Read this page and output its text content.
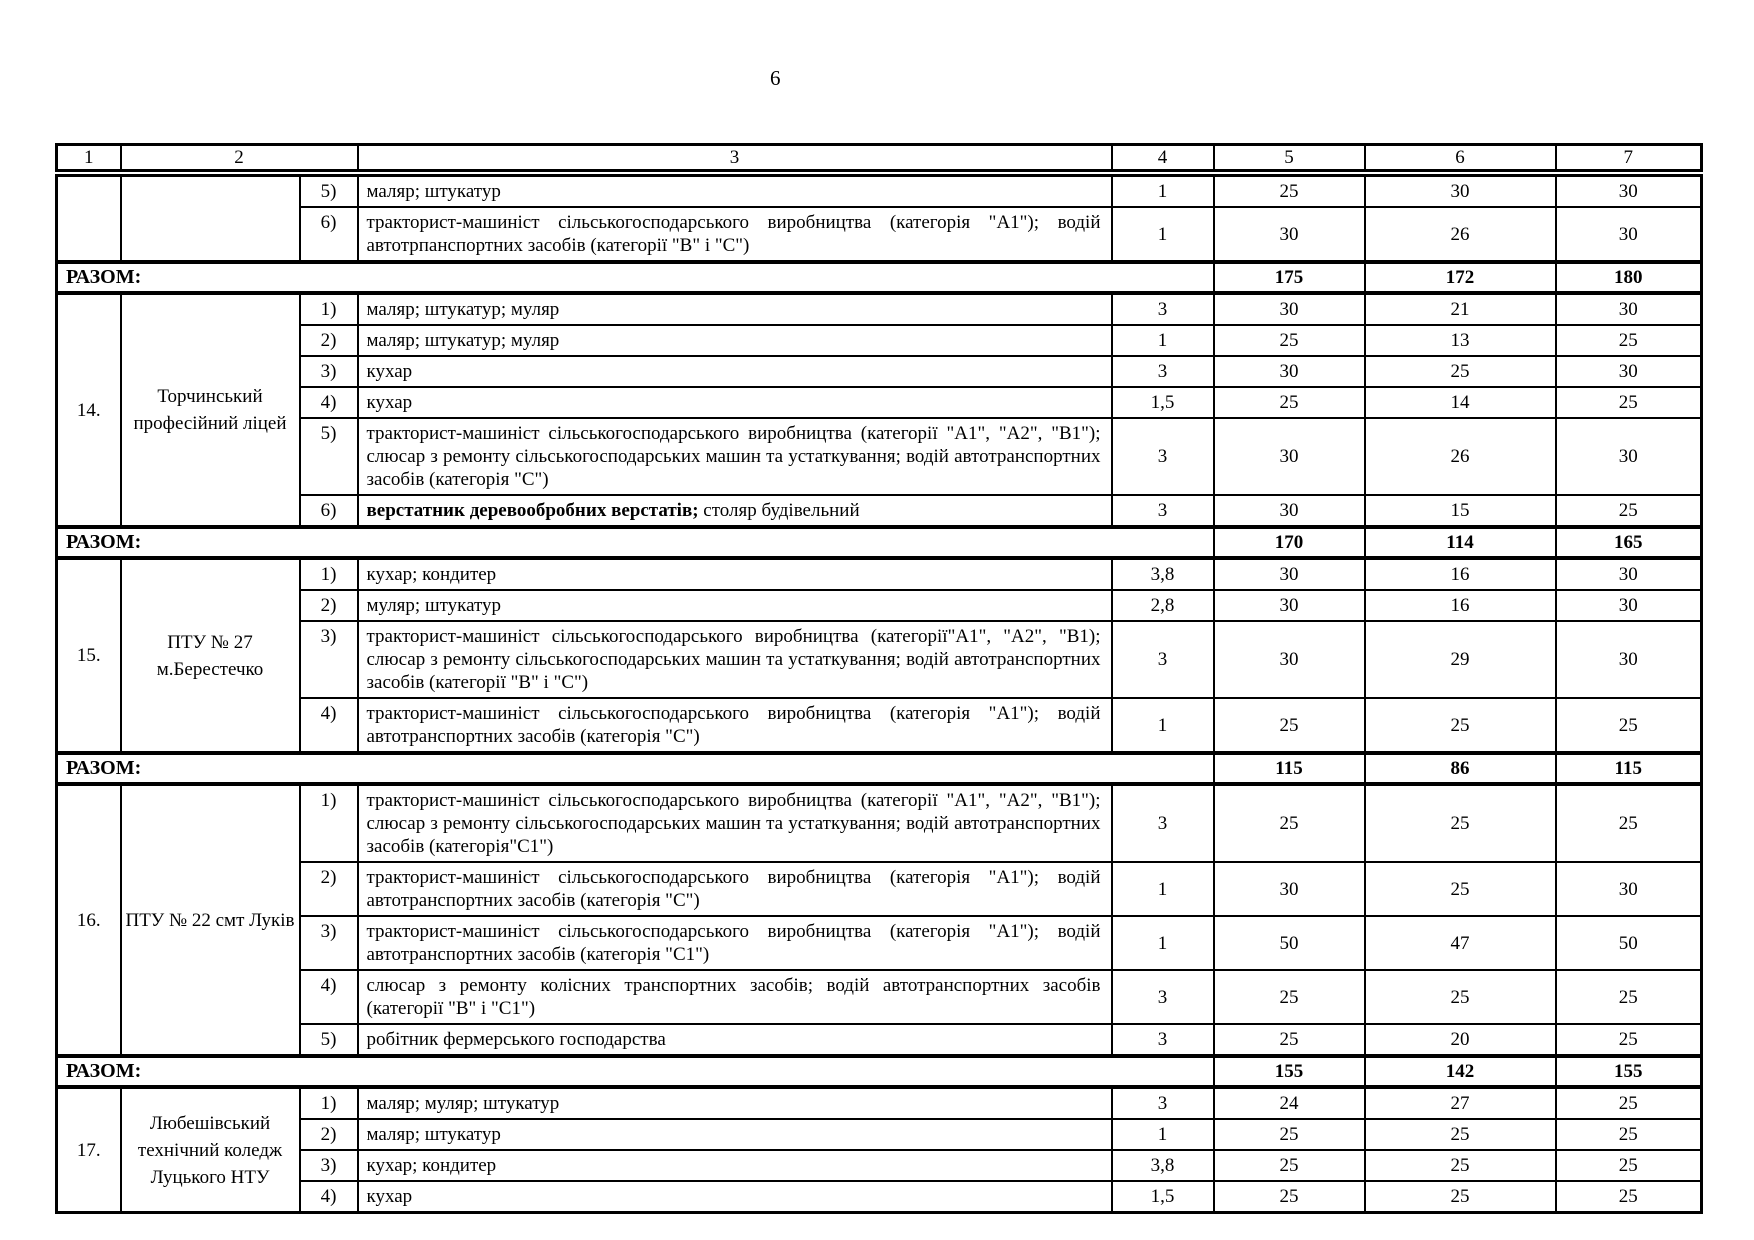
6
1	2		3	4	5	6	7
		5)	маляр; штукатур	1	25	30	30
		6)	тракторист-машиніст сільськогосподарського виробництва (категорія "А1"); водій автотрпанспортних засобів (категорії "В" і "С")	1	30	26	30
РАЗОМ:					175	172	180
14.	Торчинський професійний ліцей	1)	маляр; штукатур; муляр	3	30	21	30
		2)	маляр; штукатур; муляр	1	25	13	25
		3)	кухар	3	30	25	30
		4)	кухар	1,5	25	14	25
		5)	тракторист-машиніст сільськогосподарського виробництва (категорії "А1", "А2", "В1"); слюсар з ремонту сільськогосподарських машин та устаткування; водій автотранспортних засобів (категорія "С")	3	30	26	30
		6)	верстатник деревообробних верстатів; столяр будівельний	3	30	15	25
РАЗОМ:					170	114	165
15.	ПТУ № 27 м.Берестечко	1)	кухар; кондитер	3,8	30	16	30
		2)	муляр; штукатур	2,8	30	16	30
		3)	тракторист-машиніст сільськогосподарського виробництва (категорії"А1", "А2", "В1); слюсар з ремонту сільськогосподарських машин та устаткування; водій автотранспортних засобів (категорії "В" і "С")	3	30	29	30
		4)	тракторист-машиніст сільськогосподарського виробництва (категорія "А1"); водій автотранспортних засобів (категорія "С")	1	25	25	25
РАЗОМ:					115	86	115
16.	ПТУ № 22 смт Луків	1)	тракторист-машиніст сільськогосподарського виробництва (категорії "А1", "А2", "В1"); слюсар з ремонту сільськогосподарських машин та устаткування; водій автотранспортних засобів (категорія"С1")	3	25	25	25
		2)	тракторист-машиніст сільськогосподарського виробництва (категорія "А1"); водій автотранспортних засобів (категорія "С")	1	30	25	30
		3)	тракторист-машиніст сільськогосподарського виробництва (категорія "А1"); водій автотранспортних засобів (категорія "С1")	1	50	47	50
		4)	слюсар з ремонту колісних транспортних засобів; водій автотранспортних засобів (категорії "В" і "С1")	3	25	25	25
		5)	робітник фермерського господарства	3	25	20	25
РАЗОМ:					155	142	155
17.	Любешівський технічний коледж Луцького НТУ	1)	маляр; муляр; штукатур	3	24	27	25
		2)	маляр; штукатур	1	25	25	25
		3)	кухар; кондитер	3,8	25	25	25
		4)	кухар	1,5	25	25	25
